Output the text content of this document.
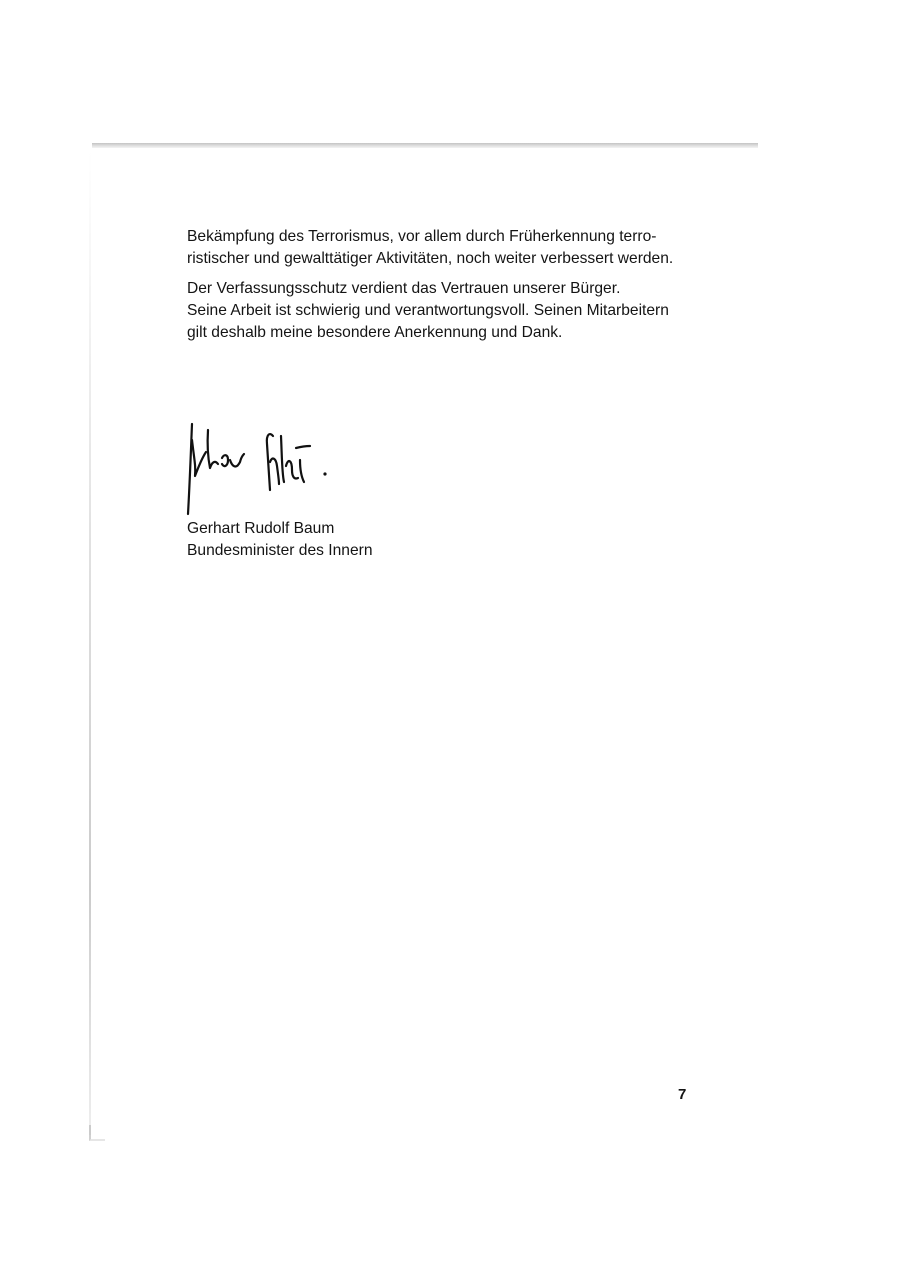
Bekämpfung des Terrorismus, vor allem durch Früherkennung terro-
ristischer und gewalttätiger Aktivitäten, noch weiter verbessert werden.
Der Verfassungsschutz verdient das Vertrauen unserer Bürger.
Seine Arbeit ist schwierig und verantwortungsvoll. Seinen Mitarbeitern
gilt deshalb meine besondere Anerkennung und Dank.
Gerhart Rudolf Baum
Bundesminister des Innern
7
